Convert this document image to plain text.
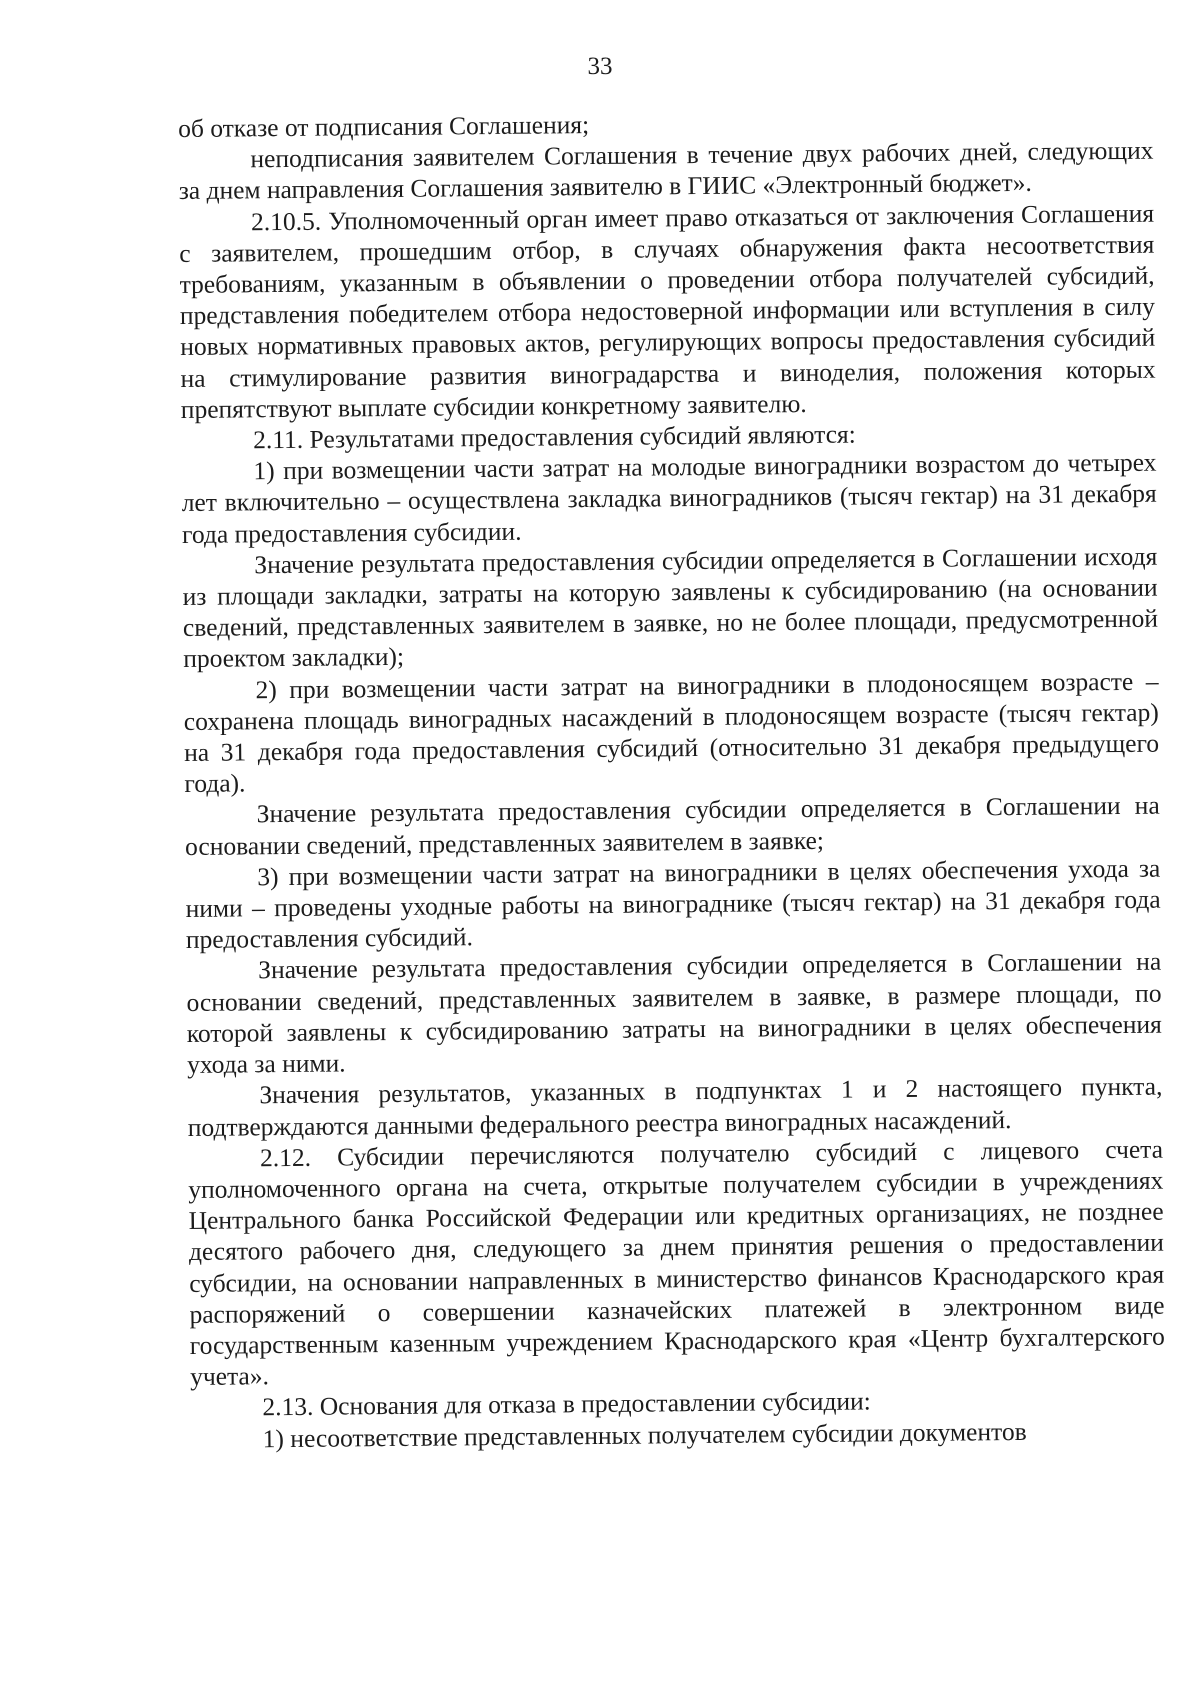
33

об отказе от подписания Соглашения;

неподписания заявителем Соглашения в течение двух рабочих дней, следующих за днем направления Соглашения заявителю в ГИИС «Электронный бюджет».

2.10.5. Уполномоченный орган имеет право отказаться от заключения Соглашения с заявителем, прошедшим отбор, в случаях обнаружения факта несоответствия требованиям, указанным в объявлении о проведении отбора получателей субсидий, представления победителем отбора недостоверной информации или вступления в силу новых нормативных правовых актов, регулирующих вопросы предоставления субсидий на стимулирование развития виноградарства и виноделия, положения которых препятствуют выплате субсидии конкретному заявителю.

2.11. Результатами предоставления субсидий являются:

1) при возмещении части затрат на молодые виноградники возрастом до четырех лет включительно – осуществлена закладка виноградников (тысяч гектар) на 31 декабря года предоставления субсидии.

Значение результата предоставления субсидии определяется в Соглашении исходя из площади закладки, затраты на которую заявлены к субсидированию (на основании сведений, представленных заявителем в заявке, но не более площади, предусмотренной проектом закладки);

2) при возмещении части затрат на виноградники в плодоносящем возрасте – сохранена площадь виноградных насаждений в плодоносящем возрасте (тысяч гектар) на 31 декабря года предоставления субсидий (относительно 31 декабря предыдущего года).

Значение результата предоставления субсидии определяется в Соглашении на основании сведений, представленных заявителем в заявке;

3) при возмещении части затрат на виноградники в целях обеспечения ухода за ними – проведены уходные работы на винограднике (тысяч гектар) на 31 декабря года предоставления субсидий.

Значение результата предоставления субсидии определяется в Соглашении на основании сведений, представленных заявителем в заявке, в размере площади, по которой заявлены к субсидированию затраты на виноградники в целях обеспечения ухода за ними.

Значения результатов, указанных в подпунктах 1 и 2 настоящего пункта, подтверждаются данными федерального реестра виноградных насаждений.

2.12. Субсидии перечисляются получателю субсидий с лицевого счета уполномоченного органа на счета, открытые получателем субсидии в учреждениях Центрального банка Российской Федерации или кредитных организациях, не позднее десятого рабочего дня, следующего за днем принятия решения о предоставлении субсидии, на основании направленных в министерство финансов Краснодарского края распоряжений о совершении казначейских платежей в электронном виде государственным казенным учреждением Краснодарского края «Центр бухгалтерского учета».

2.13. Основания для отказа в предоставлении субсидии:

1) несоответствие представленных получателем субсидии документов
